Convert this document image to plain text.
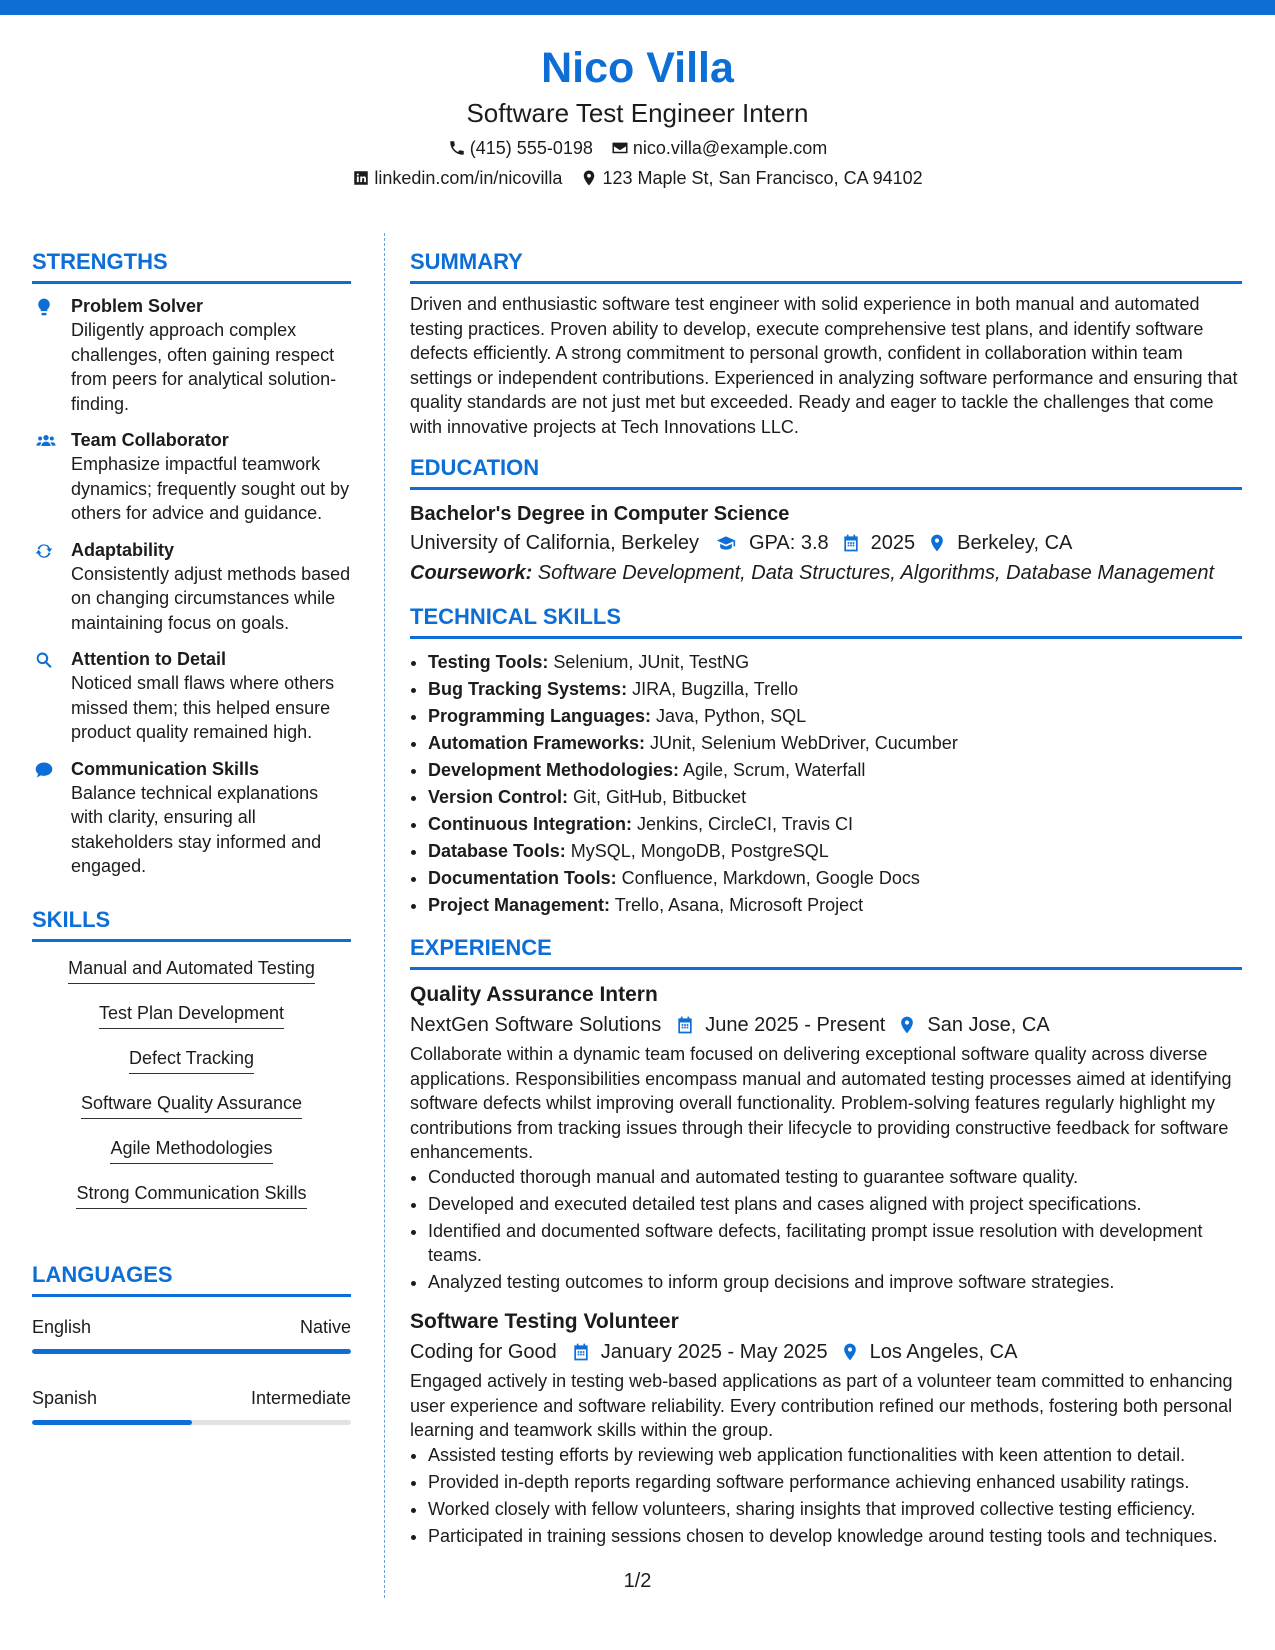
Nico Villa
Software Test Engineer Intern
(415) 555-0198 nico.villa@example.com
linkedin.com/in/nicovilla 123 Maple St, San Francisco, CA 94102
STRENGTHS
Problem Solver
Diligently approach complex challenges, often gaining respect from peers for analytical solution-finding.
Team Collaborator
Emphasize impactful teamwork dynamics; frequently sought out by others for advice and guidance.
Adaptability
Consistently adjust methods based on changing circumstances while maintaining focus on goals.
Attention to Detail
Noticed small flaws where others missed them; this helped ensure product quality remained high.
Communication Skills
Balance technical explanations with clarity, ensuring all stakeholders stay informed and engaged.
SKILLS
Manual and Automated Testing
Test Plan Development
Defect Tracking
Software Quality Assurance
Agile Methodologies
Strong Communication Skills
LANGUAGES
English	Native
Spanish	Intermediate
SUMMARY
Driven and enthusiastic software test engineer with solid experience in both manual and automated testing practices. Proven ability to develop, execute comprehensive test plans, and identify software defects efficiently. A strong commitment to personal growth, confident in collaboration within team settings or independent contributions. Experienced in analyzing software performance and ensuring that quality standards are not just met but exceeded. Ready and eager to tackle the challenges that come with innovative projects at Tech Innovations LLC.
EDUCATION
Bachelor's Degree in Computer Science
University of California, Berkeley	GPA: 3.8 2025 Berkeley, CA
Coursework: Software Development, Data Structures, Algorithms, Database Management
TECHNICAL SKILLS
• Testing Tools: Selenium, JUnit, TestNG
• Bug Tracking Systems: JIRA, Bugzilla, Trello
• Programming Languages: Java, Python, SQL
• Automation Frameworks: JUnit, Selenium WebDriver, Cucumber
• Development Methodologies: Agile, Scrum, Waterfall
• Version Control: Git, GitHub, Bitbucket
• Continuous Integration: Jenkins, CircleCI, Travis CI
• Database Tools: MySQL, MongoDB, PostgreSQL
• Documentation Tools: Confluence, Markdown, Google Docs
• Project Management: Trello, Asana, Microsoft Project
EXPERIENCE
Quality Assurance Intern
NextGen Software Solutions June 2025 - Present San Jose, CA
Collaborate within a dynamic team focused on delivering exceptional software quality across diverse applications. Responsibilities encompass manual and automated testing processes aimed at identifying software defects whilst improving overall functionality. Problem-solving features regularly highlight my contributions from tracking issues through their lifecycle to providing constructive feedback for software enhancements.
• Conducted thorough manual and automated testing to guarantee software quality.
• Developed and executed detailed test plans and cases aligned with project specifications.
• Identified and documented software defects, facilitating prompt issue resolution with development teams.
• Analyzed testing outcomes to inform group decisions and improve software strategies.
Software Testing Volunteer
Coding for Good January 2025 - May 2025 Los Angeles, CA
Engaged actively in testing web-based applications as part of a volunteer team committed to enhancing user experience and software reliability. Every contribution refined our methods, fostering both personal learning and teamwork skills within the group.
• Assisted testing efforts by reviewing web application functionalities with keen attention to detail.
• Provided in-depth reports regarding software performance achieving enhanced usability ratings.
• Worked closely with fellow volunteers, sharing insights that improved collective testing efficiency.
• Participated in training sessions chosen to develop knowledge around testing tools and techniques.
1/2
